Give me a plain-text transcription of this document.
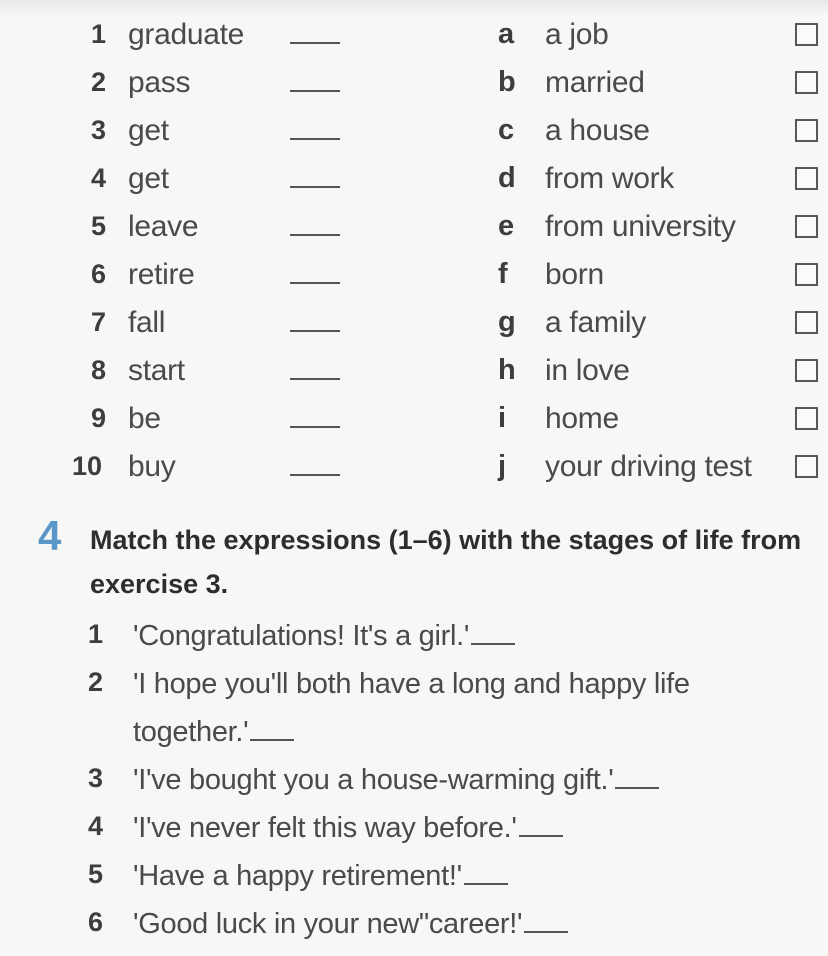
1 graduate	a a job
2 pass	b married
3 get	c a house
4 get	d from work
5 leave	e from university
6 retire	f	born
7 fall	g a family
8 start	h in love
9 be	i	home
10 buy	j	your driving test
4 Match the expressions (1–6) with the stages of life from exercise 3.
1 'Congratulations! It's a girl.'
2 'I hope you'll both have a long and happy life together.'
3 'I've bought you a house-warming gift.'
4 'I've never felt this way before.'
5 'Have a happy retirement!'
6 'Good luck in your new"career!'
